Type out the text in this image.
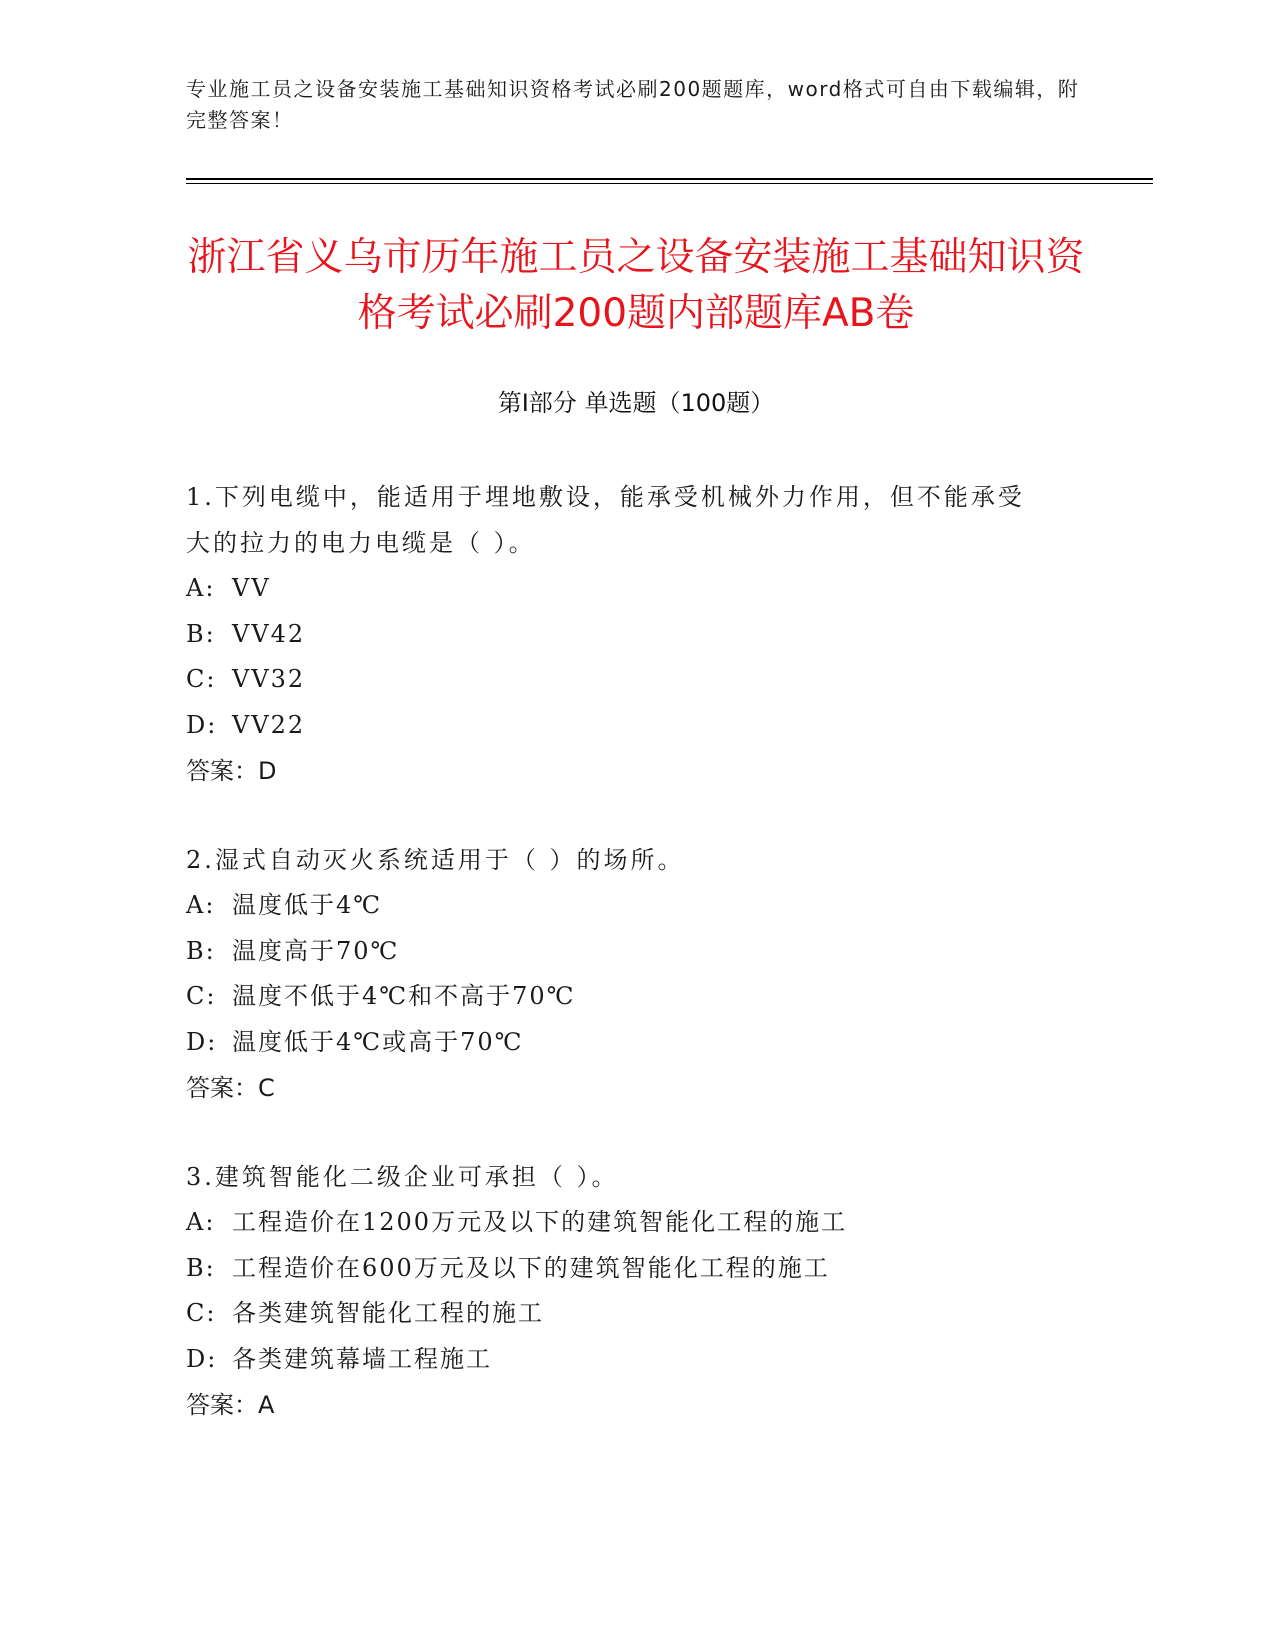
专业施工员之设备安装施工基础知识资格考试必刷200题题库，word格式可自由下载编辑，附完整答案！
浙江省义乌市历年施工员之设备安装施工基础知识资格考试必刷200题内部题库AB卷
第Ⅰ部分 单选题（100题）
1.下列电缆中，能适用于埋地敷设，能承受机械外力作用，但不能承受大的拉力的电力电缆是（ ）。
A: VV
B: VV42
C: VV32
D: VV22
答案：D
2.湿式自动灭火系统适用于（ ）的场所。
A: 温度低于4℃
B: 温度高于70℃
C: 温度不低于4℃和不高于70℃
D: 温度低于4℃或高于70℃
答案：C
3.建筑智能化二级企业可承担（ ）。
A: 工程造价在1200万元及以下的建筑智能化工程的施工
B: 工程造价在600万元及以下的建筑智能化工程的施工
C: 各类建筑智能化工程的施工
D: 各类建筑幕墙工程施工
答案：A
